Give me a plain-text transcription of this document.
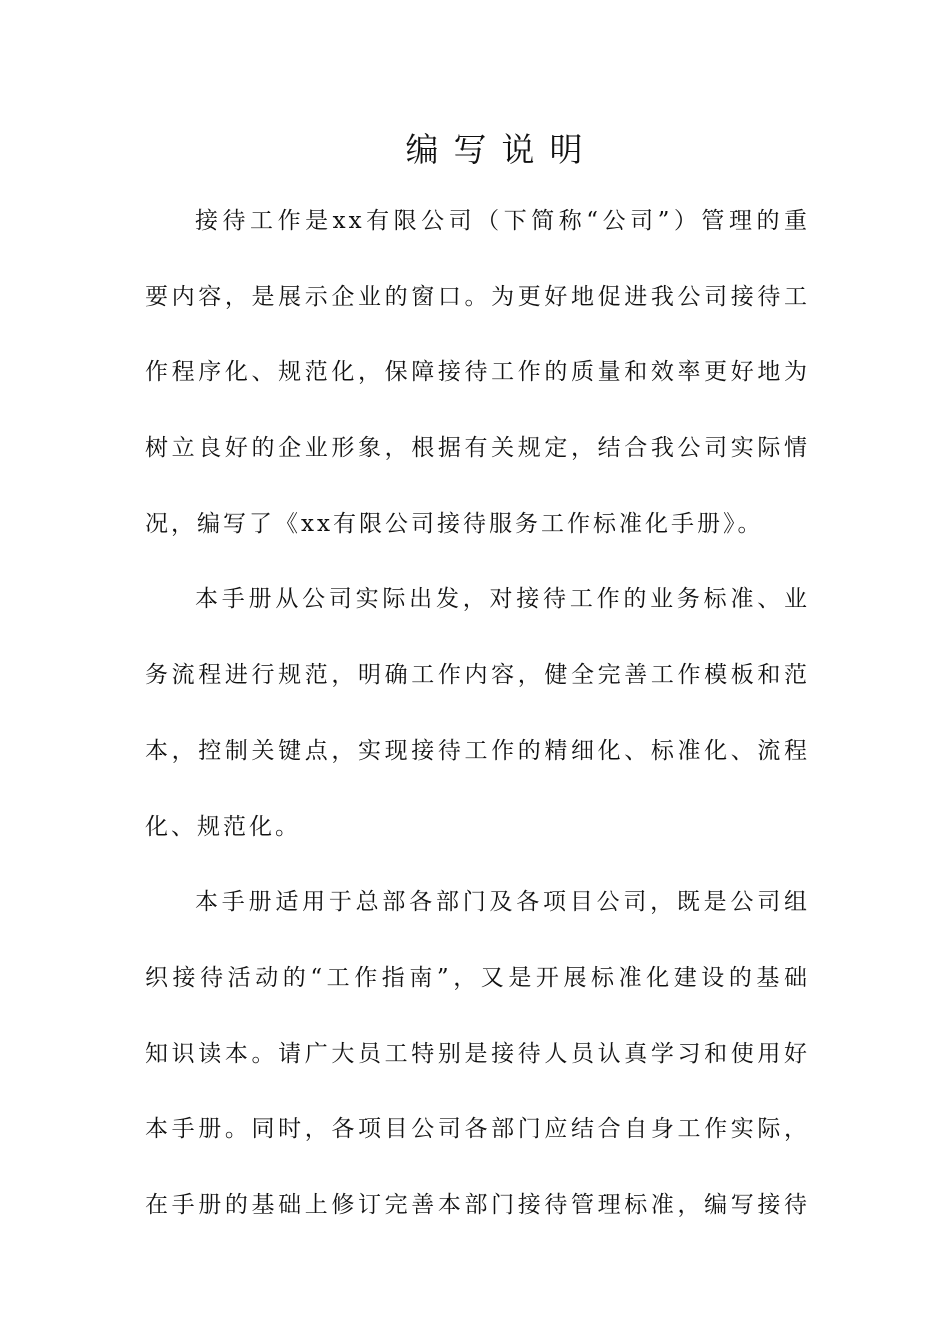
编写说明
接待工作是xx有限公司（下简称“公司”）管理的重
要内容，是展示企业的窗口。为更好地促进我公司接待工
作程序化、规范化，保障接待工作的质量和效率更好地为
树立良好的企业形象，根据有关规定，结合我公司实际情
况，编写了《xx有限公司接待服务工作标准化手册》。
本手册从公司实际出发，对接待工作的业务标准、业
务流程进行规范，明确工作内容，健全完善工作模板和范
本，控制关键点，实现接待工作的精细化、标准化、流程
化、规范化。
本手册适用于总部各部门及各项目公司，既是公司组
织接待活动的“工作指南”，又是开展标准化建设的基础
知识读本。请广大员工特别是接待人员认真学习和使用好
本手册。同时，各项目公司各部门应结合自身工作实际，
在手册的基础上修订完善本部门接待管理标准，编写接待
